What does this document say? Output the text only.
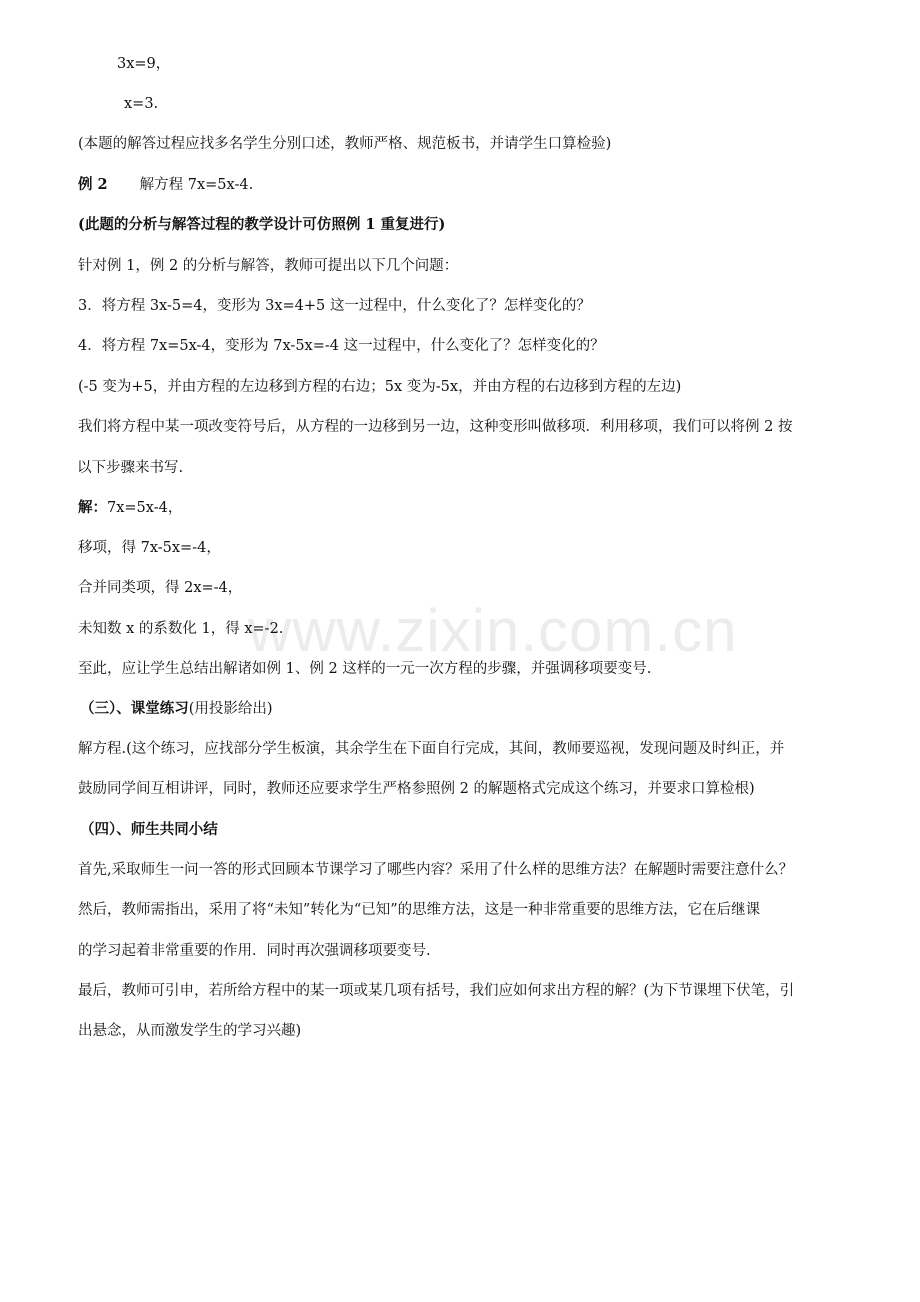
www.zixin.com.cn
3x=9，
x=3.
(本题的解答过程应找多名学生分别口述，教师严格、规范板书，并请学生口算检验)
例 2 解方程 7x=5x-4.
(此题的分析与解答过程的教学设计可仿照例 1 重复进行)
针对例 1，例 2 的分析与解答，教师可提出以下几个问题：
3．将方程 3x-5=4，变形为 3x=4+5 这一过程中，什么变化了？怎样变化的？
4．将方程 7x=5x-4，变形为 7x-5x=-4 这一过程中，什么变化了？怎样变化的？
(-5 变为+5，并由方程的左边移到方程的右边；5x 变为-5x，并由方程的右边移到方程的左边)
我们将方程中某一项改变符号后，从方程的一边移到另一边，这种变形叫做移项．利用移项，我们可以将例 2 按
以下步骤来书写.
解：7x=5x-4，
移项，得 7x-5x=-4，
合并同类项，得 2x=-4，
未知数 x 的系数化 1，得 x=-2.
至此，应让学生总结出解诸如例 1、例 2 这样的一元一次方程的步骤，并强调移项要变号.
（三）、课堂练习(用投影给出)
解方程.(这个练习，应找部分学生板演，其余学生在下面自行完成，其间，教师要巡视，发现问题及时纠正，并
鼓励同学间互相讲评，同时，教师还应要求学生严格参照例 2 的解题格式完成这个练习，并要求口算检根)
（四）、师生共同小结
首先,采取师生一问一答的形式回顾本节课学习了哪些内容？采用了什么样的思维方法？在解题时需要注意什么？
然后，教师需指出，采用了将“未知”转化为“已知”的思维方法，这是一种非常重要的思维方法，它在后继课
的学习起着非常重要的作用．同时再次强调移项要变号.
最后，教师可引申，若所给方程中的某一项或某几项有括号，我们应如何求出方程的解？(为下节课埋下伏笔，引
出悬念，从而激发学生的学习兴趣)
